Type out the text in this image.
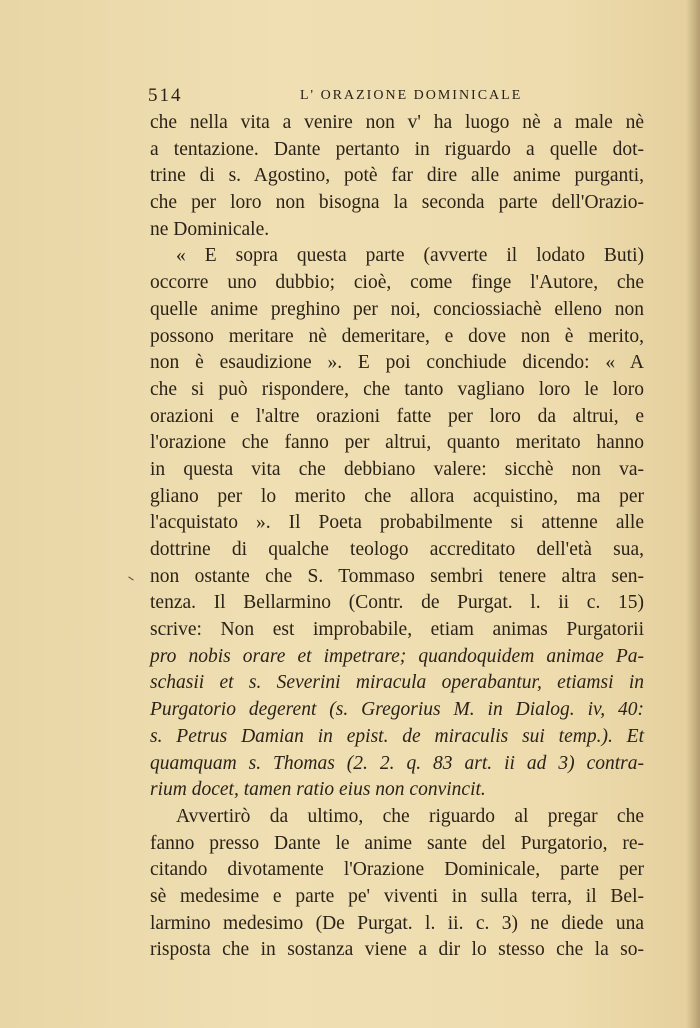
514	L' ORAZIONE DOMINICALE
che nella vita a venire non v' ha luogo nè a male nè
a tentazione. Dante pertanto in riguardo a quelle dot-
trine di s. Agostino, potè far dire alle anime purganti,
che per loro non bisogna la seconda parte dell'Orazio-
ne Dominicale.
« E sopra questa parte (avverte il lodato Buti)
occorre uno dubbio; cioè, come finge l'Autore, che
quelle anime preghino per noi, conciossiachè elleno non
possono meritare nè demeritare, e dove non è merito,
non è esaudizione ». E poi conchiude dicendo: « A
che si può rispondere, che tanto vagliano loro le loro
orazioni e l'altre orazioni fatte per loro da altrui, e
l'orazione che fanno per altrui, quanto meritato hanno
in questa vita che debbiano valere: sicchè non va-
gliano per lo merito che allora acquistino, ma per
l'acquistato ». Il Poeta probabilmente si attenne alle
dottrine di qualche teologo accreditato dell'età sua,
non ostante che S. Tommaso sembri tenere altra sen-
tenza. Il Bellarmino (Contr. de Purgat. l. ii c. 15)
scrive: Non est improbabile, etiam animas Purgatorii
pro nobis orare et impetrare; quandoquidem animae Pa-
schasii et s. Severini miracula operabantur, etiamsi in
Purgatorio degerent (s. Gregorius M. in Dialog. iv, 40:
s. Petrus Damian in epist. de miraculis sui temp.). Et
quamquam s. Thomas (2. 2. q. 83 art. ii ad 3) contra-
rium docet, tamen ratio eius non convincit.
Avvertirò da ultimo, che riguardo al pregar che
fanno presso Dante le anime sante del Purgatorio, re-
citando divotamente l'Orazione Dominicale, parte per
sè medesime e parte pe' viventi in sulla terra, il Bel-
larmino medesimo (De Purgat. l. ii. c. 3) ne diede una
risposta che in sostanza viene a dir lo stesso che la so-
